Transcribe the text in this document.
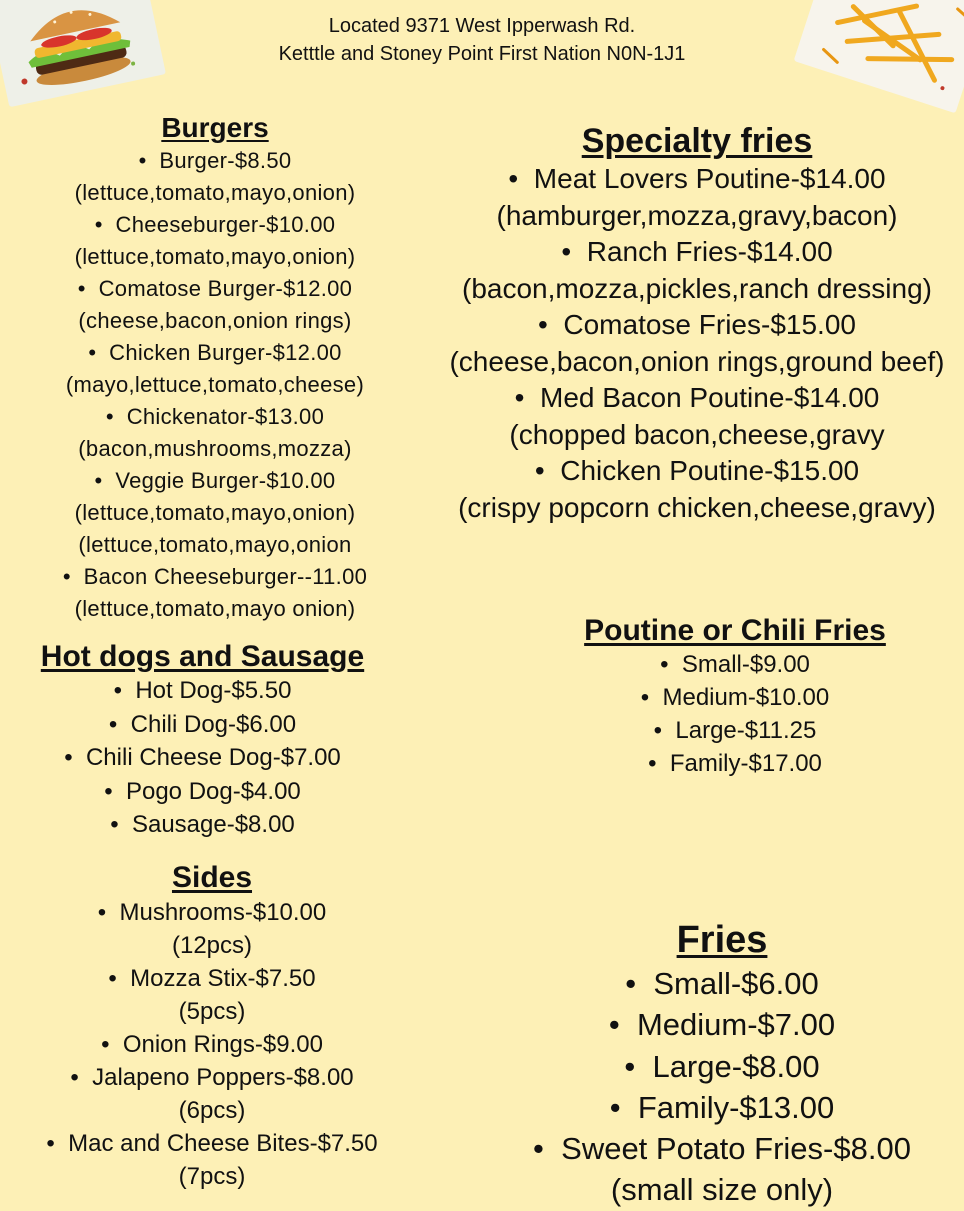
Located 9371 West Ipperwash Rd.
Ketttle and Stoney Point First Nation N0N-1J1
Burgers
•  Burger-$8.50
(lettuce,tomato,mayo,onion)
•  Cheeseburger-$10.00
(lettuce,tomato,mayo,onion)
•  Comatose Burger-$12.00
(cheese,bacon,onion rings)
•  Chicken Burger-$12.00
(mayo,lettuce,tomato,cheese)
•  Chickenator-$13.00
(bacon,mushrooms,mozza)
•  Veggie Burger-$10.00
(lettuce,tomato,mayo,onion)
(lettuce,tomato,mayo,onion
•  Bacon Cheeseburger--11.00
(lettuce,tomato,mayo onion)
Hot dogs and Sausage
•  Hot Dog-$5.50
•  Chili Dog-$6.00
•  Chili Cheese Dog-$7.00
•  Pogo Dog-$4.00
•  Sausage-$8.00
Sides
•  Mushrooms-$10.00
(12pcs)
•  Mozza Stix-$7.50
(5pcs)
•  Onion Rings-$9.00
•  Jalapeno Poppers-$8.00
(6pcs)
•  Mac and Cheese Bites-$7.50
(7pcs)
Specialty fries
•  Meat Lovers Poutine-$14.00
(hamburger,mozza,gravy,bacon)
•  Ranch Fries-$14.00
(bacon,mozza,pickles,ranch dressing)
•  Comatose Fries-$15.00
(cheese,bacon,onion rings,ground beef)
•  Med Bacon Poutine-$14.00
(chopped bacon,cheese,gravy
•  Chicken Poutine-$15.00
(crispy popcorn chicken,cheese,gravy)
Poutine or Chili Fries
•  Small-$9.00
•  Medium-$10.00
•  Large-$11.25
•  Family-$17.00
Fries
•  Small-$6.00
•  Medium-$7.00
•  Large-$8.00
•  Family-$13.00
•  Sweet Potato Fries-$8.00
(small size only)
